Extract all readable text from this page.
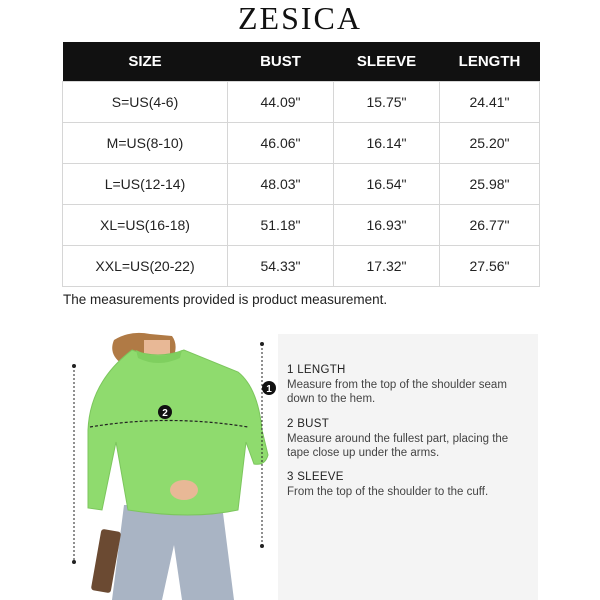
ZESICA
SIZE	BUST	SLEEVE	LENGTH
S=US(4-6)	44.09"	15.75"	24.41"
M=US(8-10)	46.06"	16.14"	25.20"
L=US(12-14)	48.03"	16.54"	25.98"
XL=US(16-18)	51.18"	16.93"	26.77"
XXL=US(20-22)	54.33"	17.32"	27.56"
The measurements provided is product measurement.
2
1
1 LENGTH
Measure from the top of the shoulder seam down to the hem.
2 BUST
Measure around the fullest part, placing the tape close up under the arms.
3 SLEEVE
From the top of the shoulder to the cuff.
